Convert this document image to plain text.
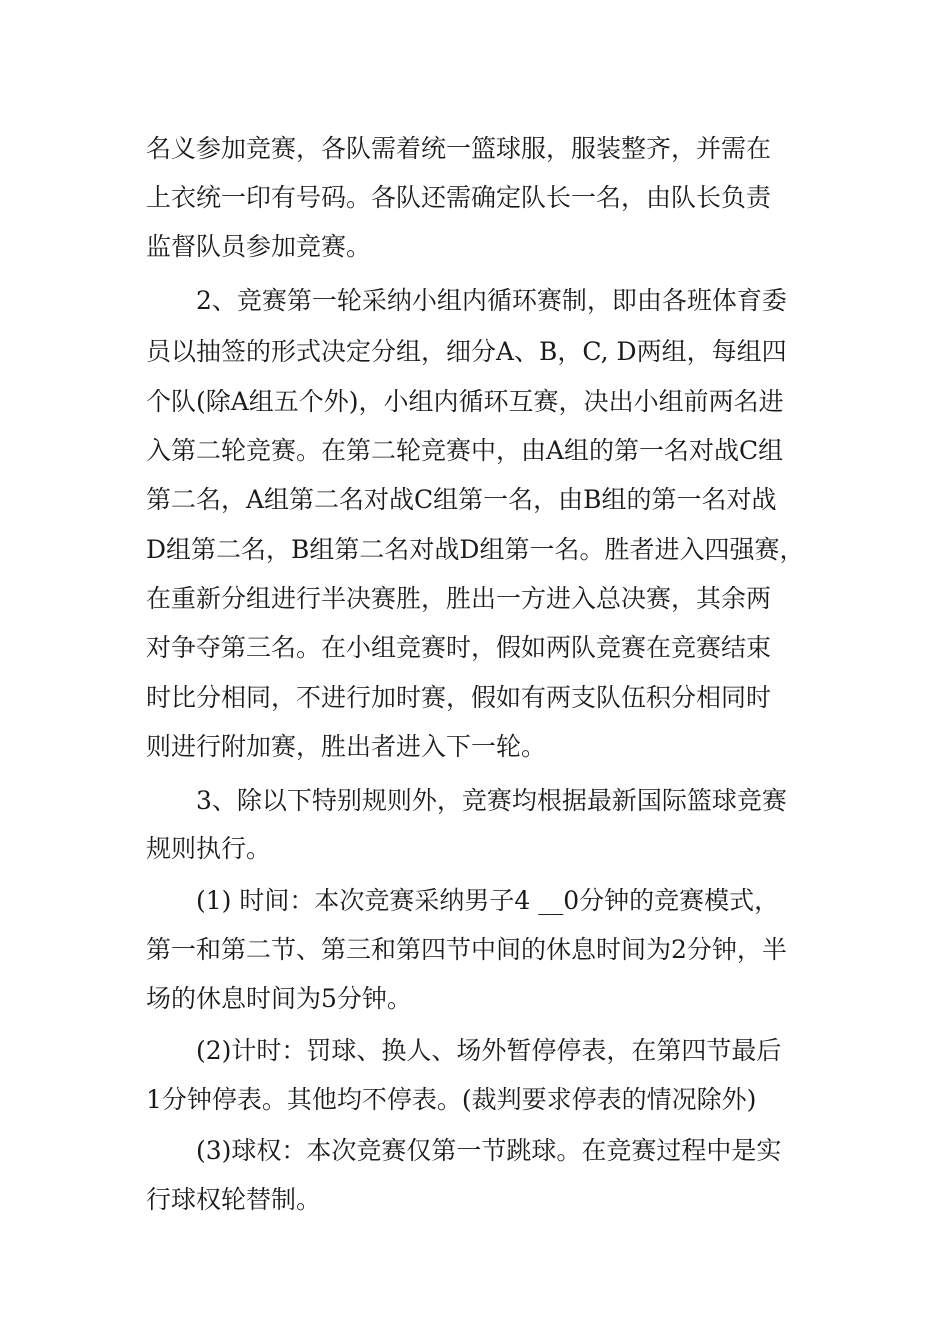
名义参加竞赛，各队需着统一篮球服，服装整齐，并需在
上衣统一印有号码。各队还需确定队长一名，由队长负责
监督队员参加竞赛。
2、竞赛第一轮采纳小组内循环赛制，即由各班体育委
员以抽签的形式决定分组，细分A、B，C, D两组，每组四
个队(除A组五个外)，小组内循环互赛，决出小组前两名进
入第二轮竞赛。在第二轮竞赛中，由A组的第一名对战C组
第二名，A组第二名对战C组第一名，由B组的第一名对战
D组第二名，B组第二名对战D组第一名。胜者进入四强赛，
在重新分组进行半决赛胜，胜出一方进入总决赛，其余两
对争夺第三名。在小组竞赛时，假如两队竞赛在竞赛结束
时比分相同，不进行加时赛，假如有两支队伍积分相同时
则进行附加赛，胜出者进入下一轮。
3、除以下特别规则外，竞赛均根据最新国际篮球竞赛
规则执行。
(1) 时间：本次竞赛采纳男子4 __0分钟的竞赛模式，
第一和第二节、第三和第四节中间的休息时间为2分钟，半
场的休息时间为5分钟。
(2)计时：罚球、换人、场外暂停停表，在第四节最后
1分钟停表。其他均不停表。(裁判要求停表的情况除外)
(3)球权：本次竞赛仅第一节跳球。在竞赛过程中是实
行球权轮替制。
